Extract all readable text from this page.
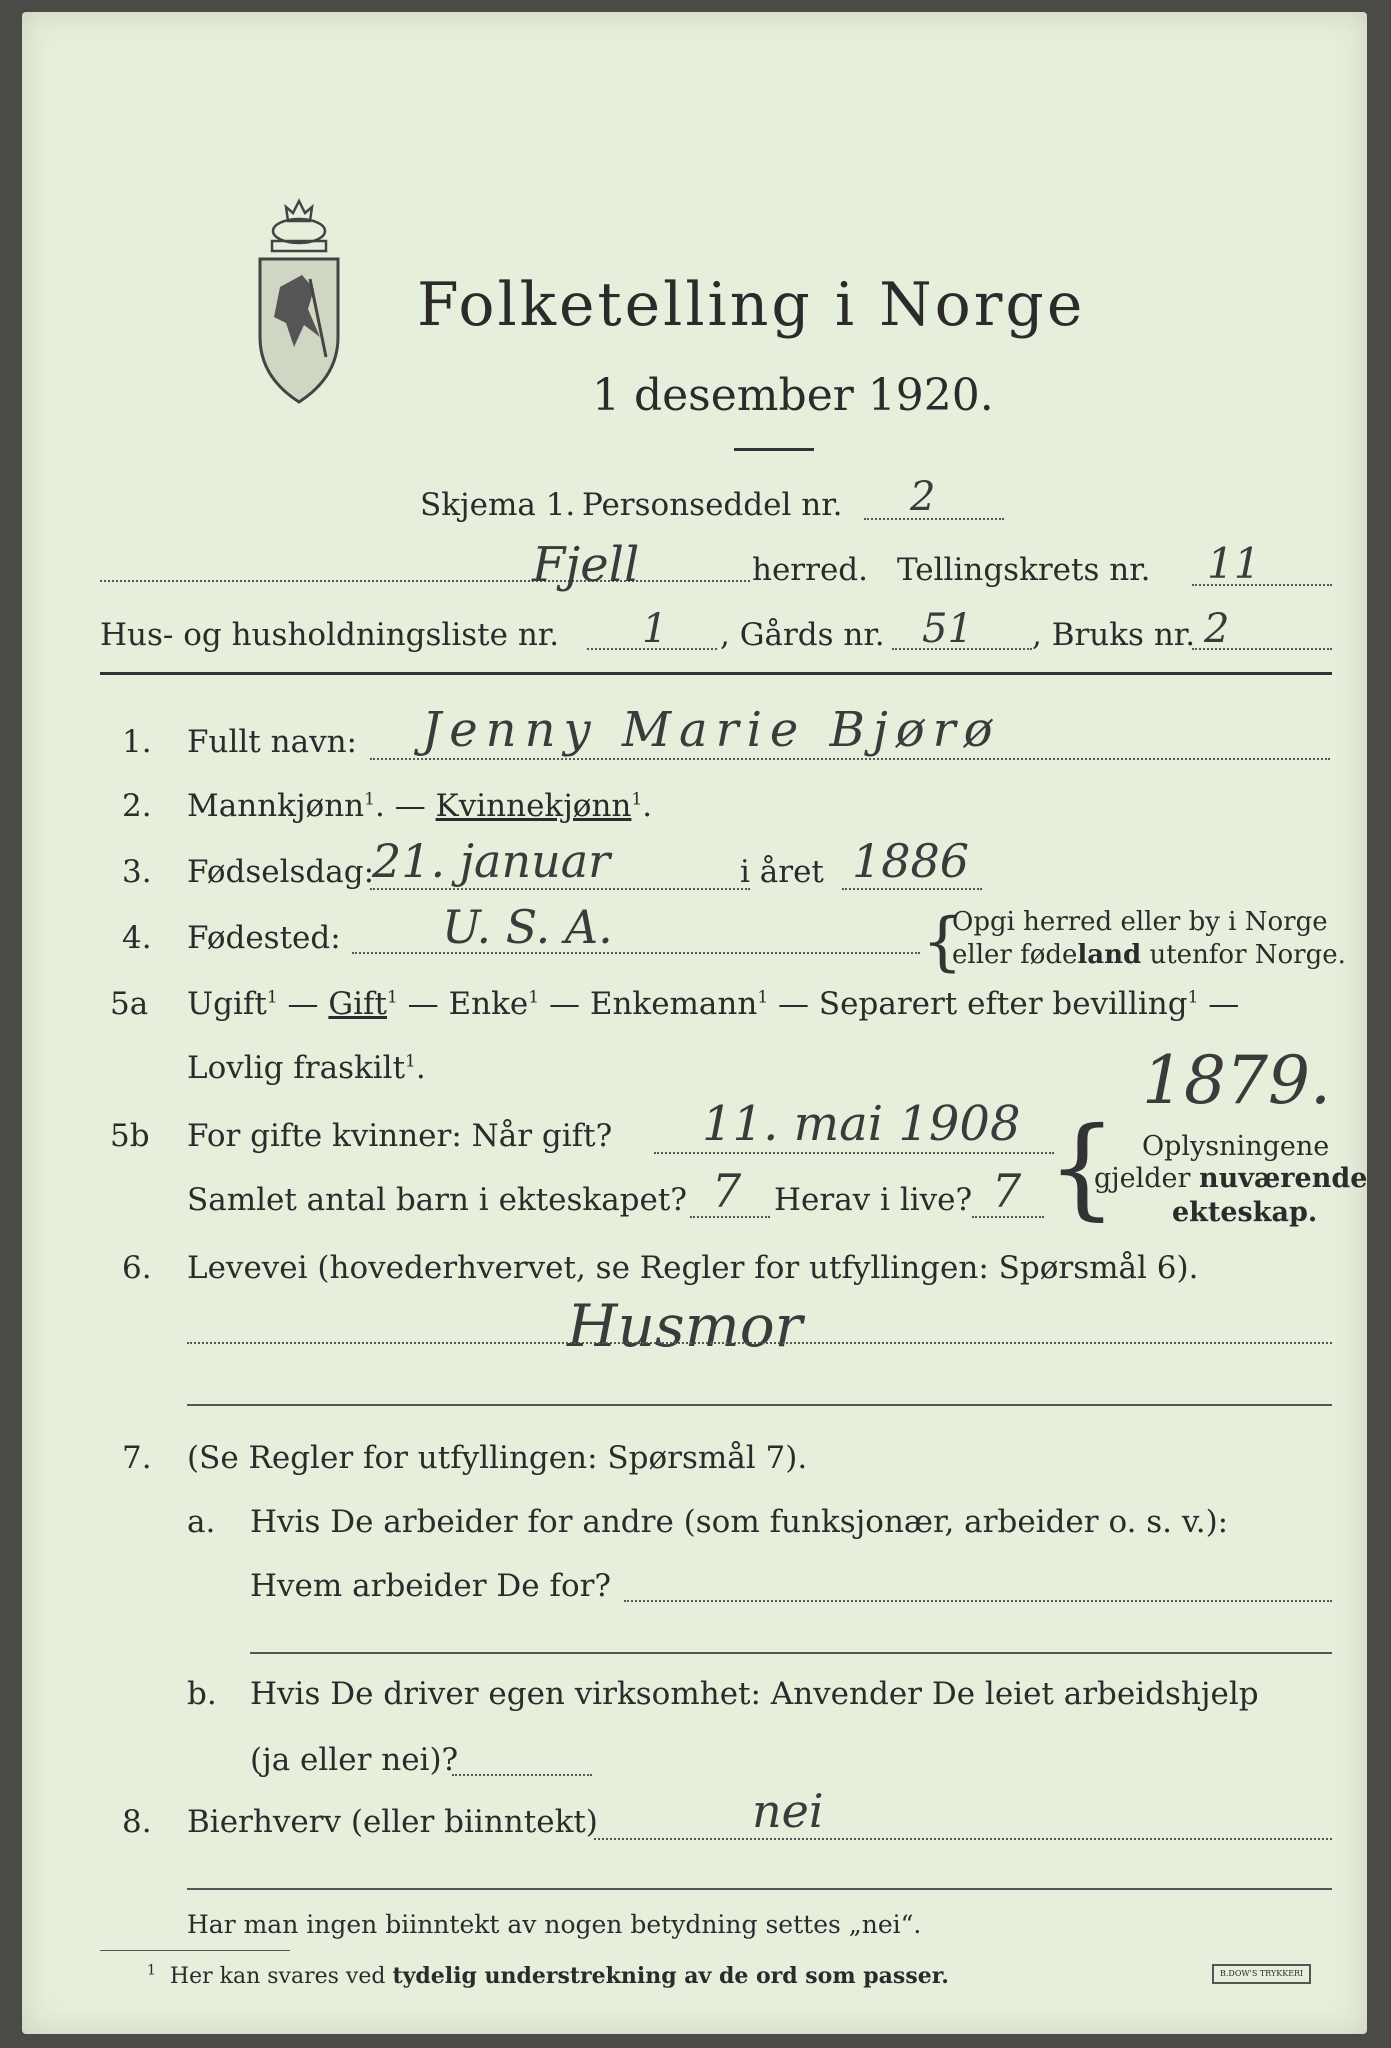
Folketelling i Norge
1 desember 1920.
Skjema 1. Personseddel nr. 2
Fjell	herred. Tellingskrets nr. 11
Hus- og husholdningsliste nr. 1 , Gårds nr. 51 , Bruks nr. 2
1. Fullt navn: Jenny Marie Bjørø
2. Mannkjønn$^1$. — Kvinnekjønn$^1$.
3. Fødselsdag:
21. januar	i året 1886
4. Fødested: U. S. A.	{
Opgi herred eller by i Norge
eller fødeland utenfor Norge.
5a Ugift$^1$ — Gift$^1$ — Enke$^1$ — Enkemann$^1$ — Separert efter bevilling$^1$ —
Lovlig fraskilt$^1$.	1879.
5b For gifte kvinner: Når gift? 11. mai 1908
Samlet antal barn i ekteskapet? 7 Herav i live? 7 { Oplysningene
gjelder nuværende
ekteskap.
6. Levevei (hovederhvervet, se Regler for utfyllingen: Spørsmål 6).
Husmor
7. (Se Regler for utfyllingen: Spørsmål 7).
a. Hvis De arbeider for andre (som funksjonær, arbeider o. s. v.):
Hvem arbeider De for?
b. Hvis De driver egen virksomhet: Anvender De leiet arbeidshjelp
(ja eller nei)?
8. Bierhverv (eller biinntekt)	nei
Har man ingen biinntekt av nogen betydning settes „nei“.
$^1$ Her kan svares ved tydelig understrekning av de ord som passer.	B.DOW'S TRYKKERI
